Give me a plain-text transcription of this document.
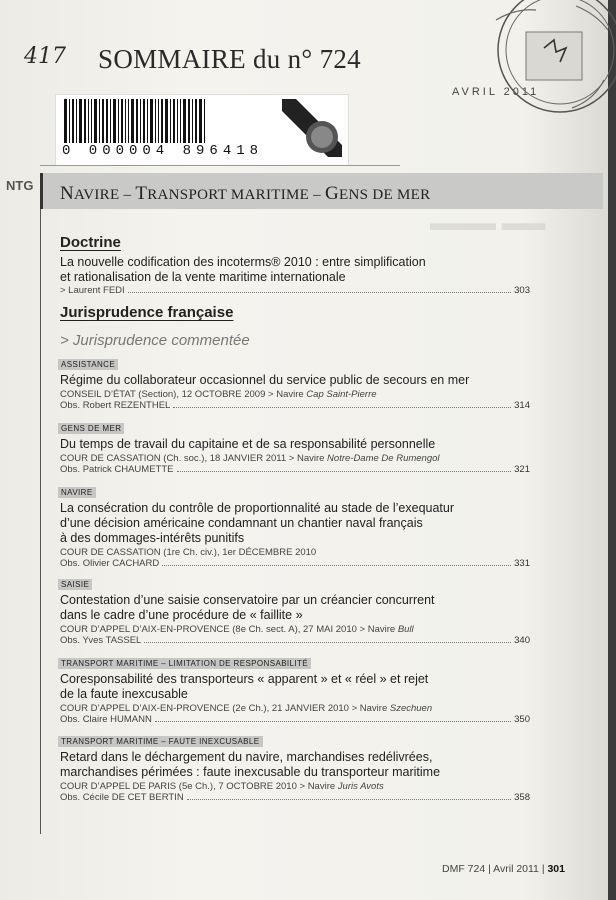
▬▬ ▬▬▬
417 SOMMAIRE du n° 724
AVRIL 2011
0 000004 896418
NTG NAVIRE – TRANSPORT MARITIME – GENS DE MER
Doctrine
La nouvelle codification des incoterms® 2010 : entre simplification
et rationalisation de la vente maritime internationale
> Laurent FEDI	303
Jurisprudence française
> Jurisprudence commentée
ASSISTANCE
Régime du collaborateur occasionnel du service public de secours en mer
CONSEIL D’ÉTAT (Section), 12 OCTOBRE 2009 > Navire Cap Saint-Pierre
Obs. Robert REZENTHEL	314
GENS DE MER
Du temps de travail du capitaine et de sa responsabilité personnelle
COUR DE CASSATION (Ch. soc.), 18 JANVIER 2011 > Navire Notre-Dame De Rumengol
Obs. Patrick CHAUMETTE	321
NAVIRE
La consécration du contrôle de proportionnalité au stade de l’exequatur
d’une décision américaine condamnant un chantier naval français
à des dommages-intérêts punitifs
COUR DE CASSATION (1re Ch. civ.), 1er DÉCEMBRE 2010
Obs. Olivier CACHARD	331
SAISIE
Contestation d’une saisie conservatoire par un créancier concurrent
dans le cadre d’une procédure de « faillite »
COUR D’APPEL D’AIX-EN-PROVENCE (8e Ch. sect. A), 27 MAI 2010 > Navire Bull
Obs. Yves TASSEL	340
TRANSPORT MARITIME – LIMITATION DE RESPONSABILITÉ
Coresponsabilité des transporteurs « apparent » et « réel » et rejet
de la faute inexcusable
COUR D’APPEL D’AIX-EN-PROVENCE (2e Ch.), 21 JANVIER 2010 > Navire Szechuen
Obs. Claire HUMANN	350
TRANSPORT MARITIME – FAUTE INEXCUSABLE
Retard dans le déchargement du navire, marchandises redélivrées,
marchandises périmées : faute inexcusable du transporteur maritime
COUR D’APPEL DE PARIS (5e Ch.), 7 OCTOBRE 2010 > Navire Juris Avots
Obs. Cécile DE CET BERTIN	358
DMF 724 | Avril 2011 | 301
